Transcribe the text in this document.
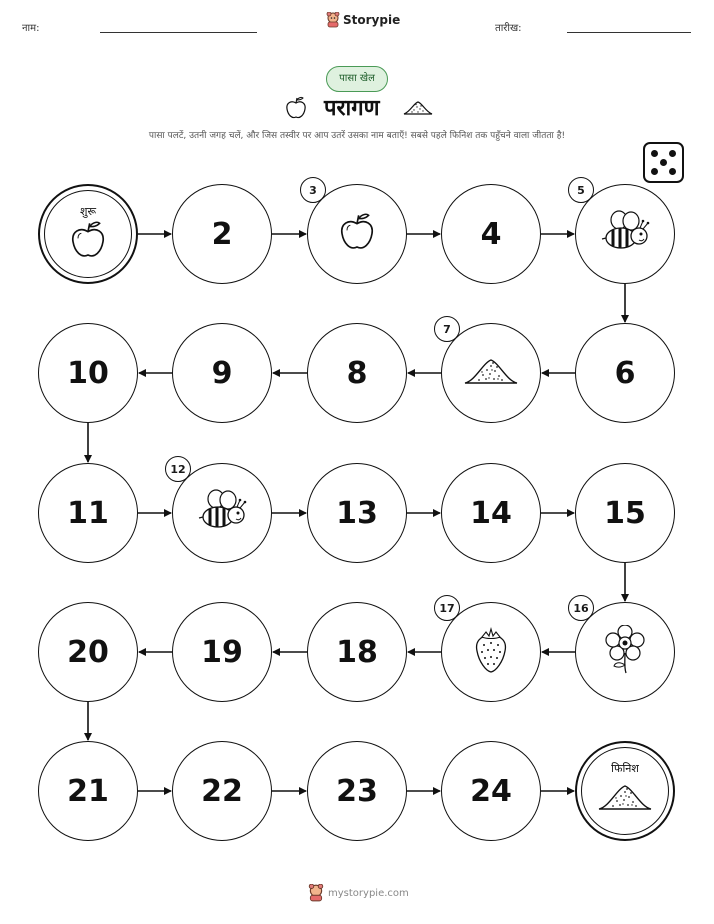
नाम:
Storypie
तारीख:
पासा खेल
परागण
पासा पलटें, उतनी जगह चलें, और जिस तस्वीर पर आप उतरें उसका नाम बताएँ! सबसे पहले फिनिश तक पहुँचने वाला जीतता है!
शुरू
2
3
4
5
6
7
8
9
10
11
12
13	14	15
16
17
18
19
20
21	22	23	24
फिनिश
mystorypie.com
